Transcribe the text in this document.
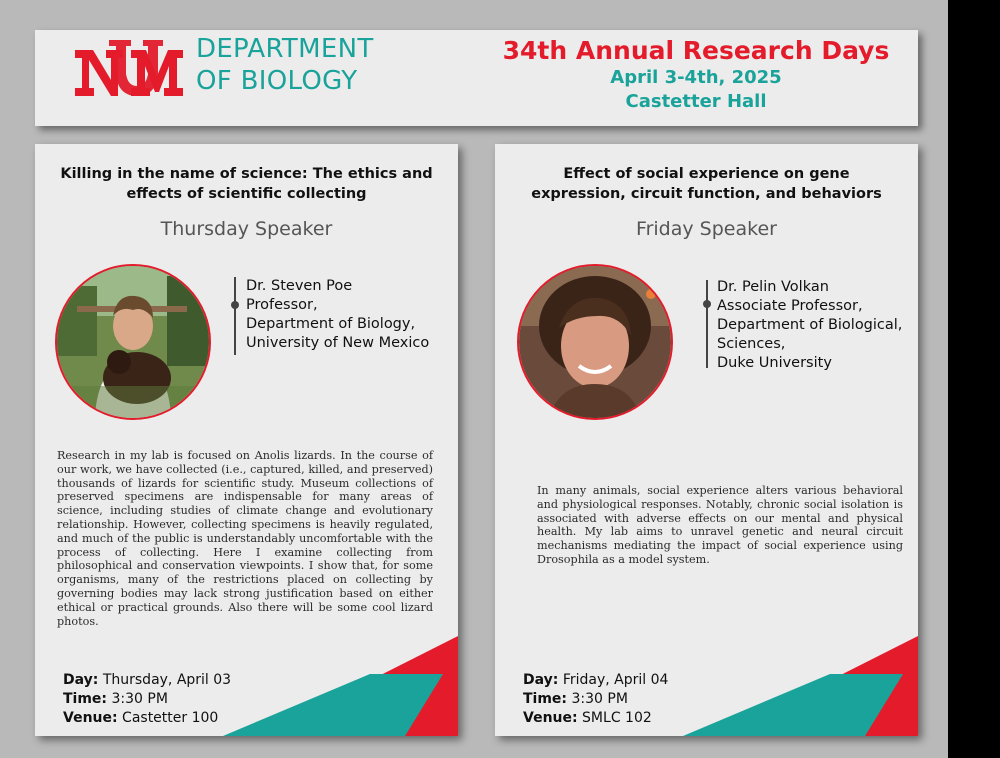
DEPARTMENT
OF BIOLOGY
34th Annual Research Days
April 3-4th, 2025
Castetter Hall
Killing in the name of science: The ethics and effects of scientific collecting
Thursday Speaker
Dr. Steven Poe
Professor,
Department of Biology,
University of New Mexico
Research in my lab is focused on Anolis lizards. In the course of our work, we have collected (i.e., captured, killed, and preserved) thousands of lizards for scientific study. Museum collections of preserved specimens are indispensable for many areas of science, including studies of climate change and evolutionary relationship. However, collecting specimens is heavily regulated, and much of the public is understandably uncomfortable with the process of collecting. Here I examine collecting from philosophical and conservation viewpoints. I show that, for some organisms, many of the restrictions placed on collecting by governing bodies may lack strong justification based on either ethical or practical grounds. Also there will be some cool lizard photos.
Day: Thursday, April 03
Time: 3:30 PM
Venue: Castetter 100
Effect of social experience on gene expression, circuit function, and behaviors
Friday Speaker
Dr. Pelin Volkan
Associate Professor,
Department of Biological,
Sciences,
Duke University
In many animals, social experience alters various behavioral and physiological responses. Notably, chronic social isolation is associated with adverse effects on our mental and physical health. My lab aims to unravel genetic and neural circuit mechanisms mediating the impact of social experience using Drosophila as a model system.
Day: Friday, April 04
Time: 3:30 PM
Venue: SMLC 102
